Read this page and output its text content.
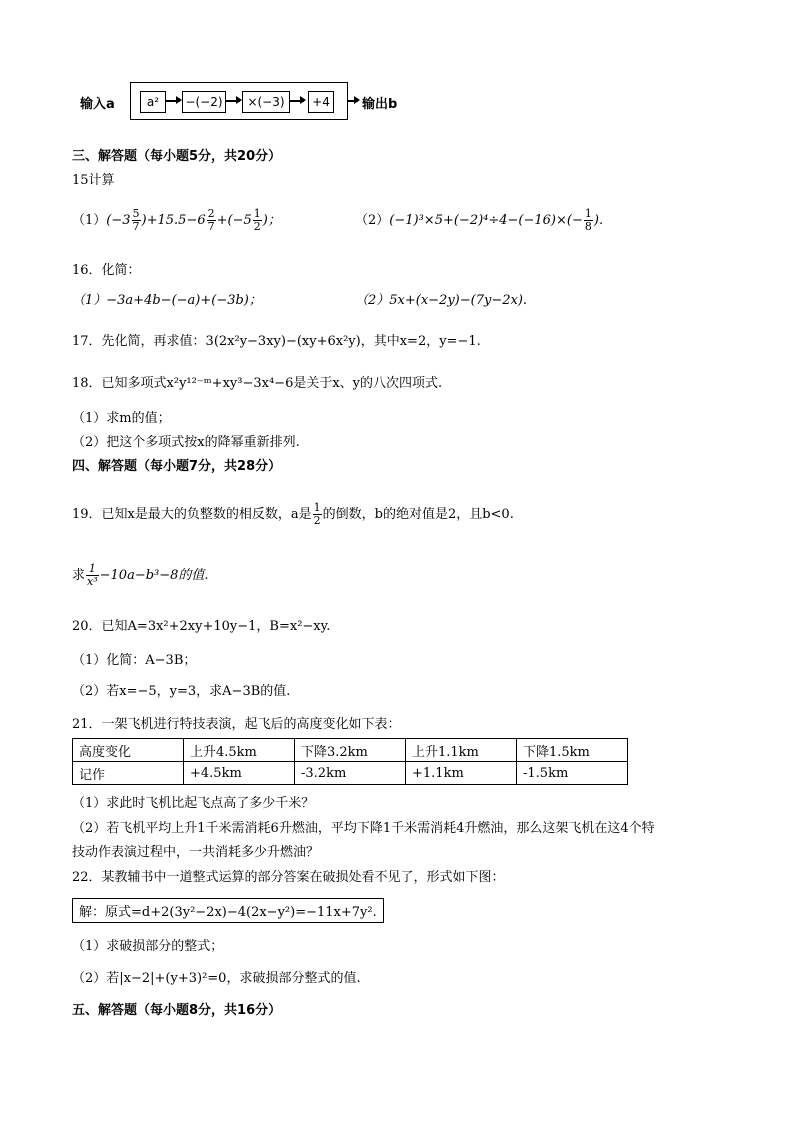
输入a	a²	−(−2)	×(−3)	+4	输出b
三、解答题（每小题5分，共20分）
15计算
$(1)(-3 \frac{5}{7} )+15.5-6 \frac{2}{7} +(-5 \frac{1}{2}$ )；	$(2)(-1)^3\times 5+(-2)^4\div 4-(-16)\times(- \frac{1}{8}$ ).
16．化简：
（1）−3a+4b−(−a)+(−3b)；	（2）5x+(x−2y)−(7y−2x).
17．先化简，再求值：3(2x²y−3xy)−(xy+6x²y)，其中x=2，y=−1.
18．已知多项式x²y¹²⁻ᵐ+xy³−3x⁴−6是关于x、y的八次四项式.
（1）求m的值；
（2）把这个多项式按x的降幂重新排列.
四、解答题（每小题7分，共28分）
19．已知x是最大的负整数的相反数，a是 $\frac{1}{2}$ 的倒数，b的绝对值是2，且b<0.
求 $\frac{1}{\text{x³}} -10a-b^3-8$的值.
20．已知A=3x²+2xy+10y−1，B=x²−xy.
（1）化简：A−3B；
（2）若x=−5，y=3，求A−3B的值.
21．一架飞机进行特技表演，起飞后的高度变化如下表：
高度变化	上升4.5km	下降3.2km	上升1.1km	下降1.5km
记作	+4.5km	-3.2km	+1.1km	-1.5km
（1）求此时飞机比起飞点高了多少千米？
（2）若飞机平均上升1千米需消耗6升燃油，平均下降1千米需消耗4升燃油，那么这架飞机在这4个特
技动作表演过程中，一共消耗多少升燃油？
22．某教辅书中一道整式运算的部分答案在破损处看不见了，形式如下图：
解：原式=d+2(3y²−2x)−4(2x−y²)=−11x+7y².
（1）求破损部分的整式；
（2）若|x−2|+(y+3)²=0，求破损部分整式的值.
五、解答题（每小题8分，共16分）
